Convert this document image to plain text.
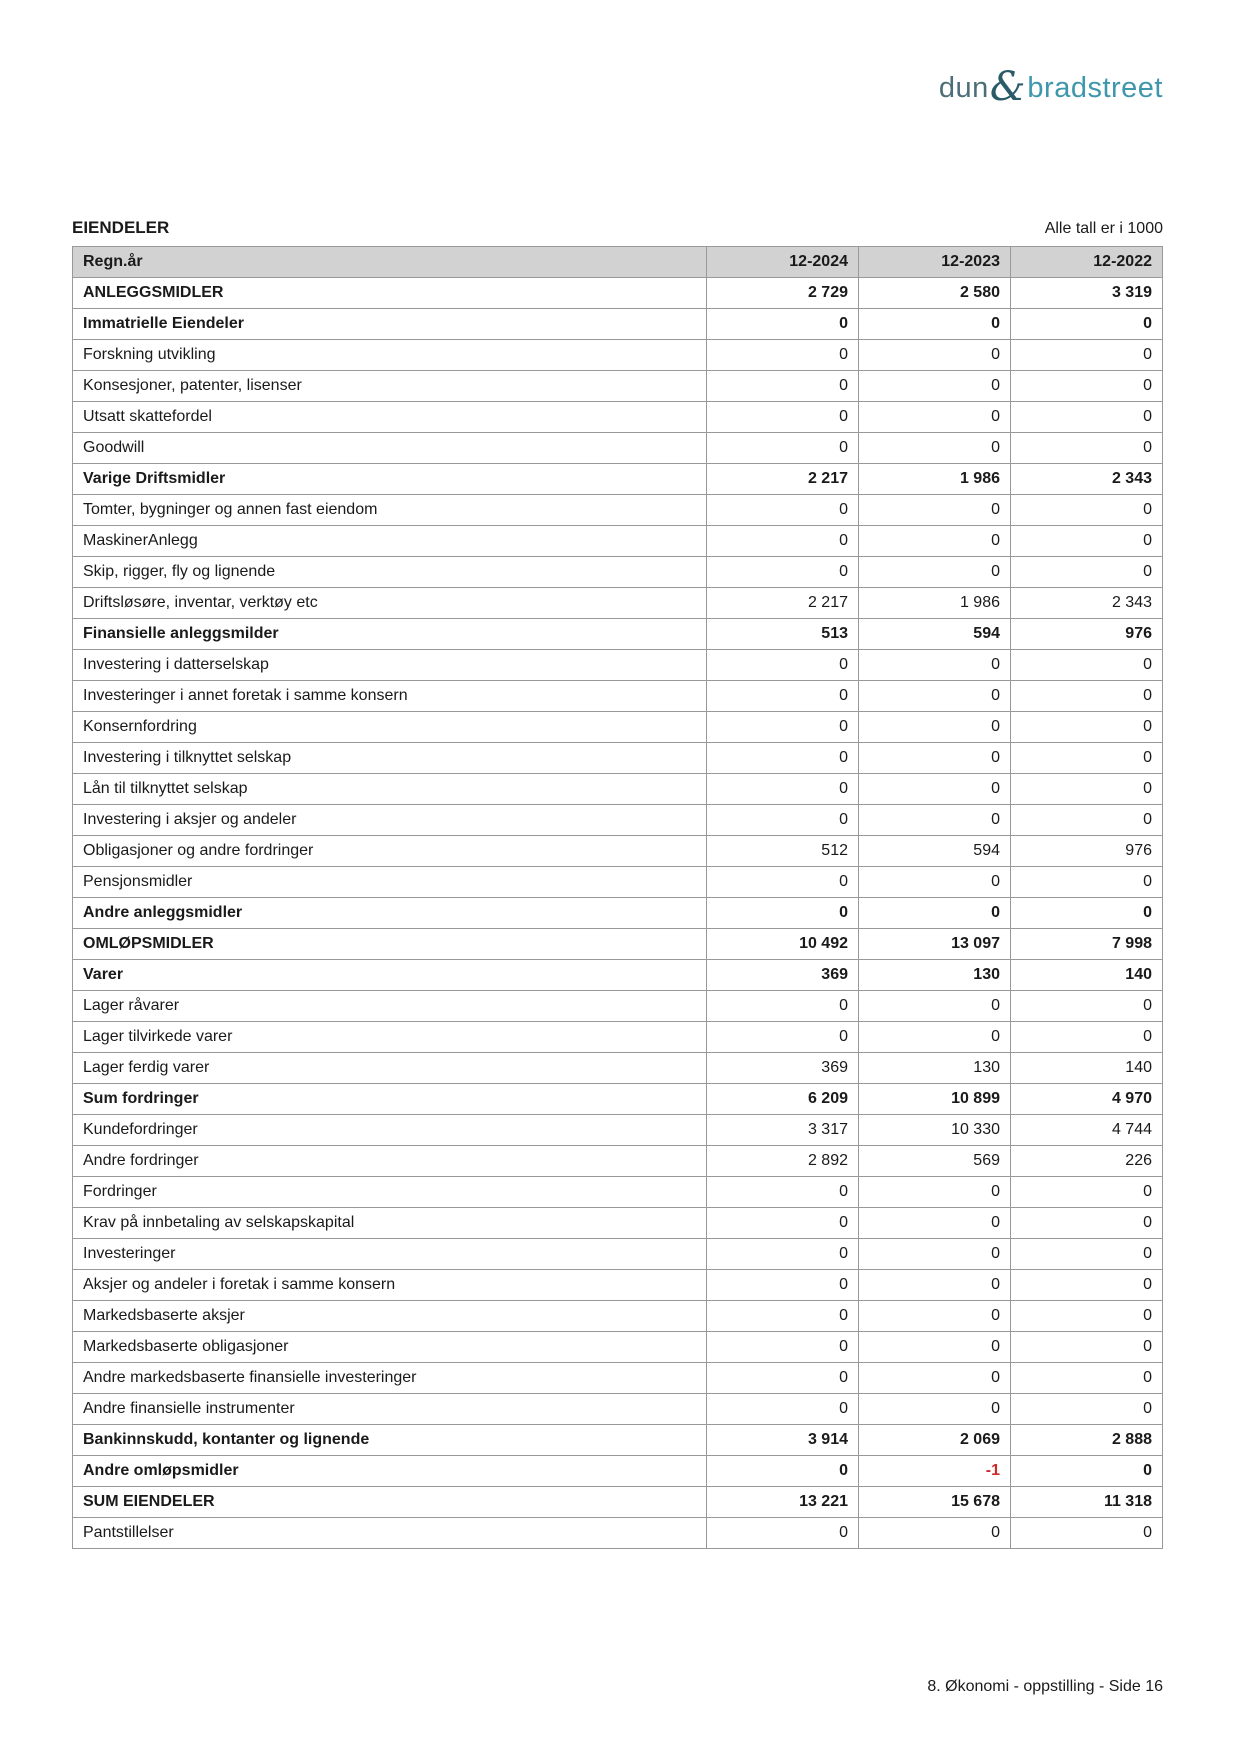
dun & bradstreet
EIENDELER	Alle tall er i 1000
Regn.år	12-2024	12-2023	12-2022
ANLEGGSMIDLER	2 729	2 580	3 319
Immatrielle Eiendeler	0	0	0
Forskning utvikling	0	0	0
Konsesjoner, patenter, lisenser	0	0	0
Utsatt skattefordel	0	0	0
Goodwill	0	0	0
Varige Driftsmidler	2 217	1 986	2 343
Tomter, bygninger og annen fast eiendom	0	0	0
MaskinerAnlegg	0	0	0
Skip, rigger, fly og lignende	0	0	0
Driftsløsøre, inventar, verktøy etc	2 217	1 986	2 343
Finansielle anleggsmilder	513	594	976
Investering i datterselskap	0	0	0
Investeringer i annet foretak i samme konsern	0	0	0
Konsernfordring	0	0	0
Investering i tilknyttet selskap	0	0	0
Lån til tilknyttet selskap	0	0	0
Investering i aksjer og andeler	0	0	0
Obligasjoner og andre fordringer	512	594	976
Pensjonsmidler	0	0	0
Andre anleggsmidler	0	0	0
OMLØPSMIDLER	10 492	13 097	7 998
Varer	369	130	140
Lager råvarer	0	0	0
Lager tilvirkede varer	0	0	0
Lager ferdig varer	369	130	140
Sum fordringer	6 209	10 899	4 970
Kundefordringer	3 317	10 330	4 744
Andre fordringer	2 892	569	226
Fordringer	0	0	0
Krav på innbetaling av selskapskapital	0	0	0
Investeringer	0	0	0
Aksjer og andeler i foretak i samme konsern	0	0	0
Markedsbaserte aksjer	0	0	0
Markedsbaserte obligasjoner	0	0	0
Andre markedsbaserte finansielle investeringer	0	0	0
Andre finansielle instrumenter	0	0	0
Bankinnskudd, kontanter og lignende	3 914	2 069	2 888
Andre omløpsmidler	0	-1	0
SUM EIENDELER	13 221	15 678	11 318
Pantstillelser	0	0	0
8. Økonomi - oppstilling - Side 16
